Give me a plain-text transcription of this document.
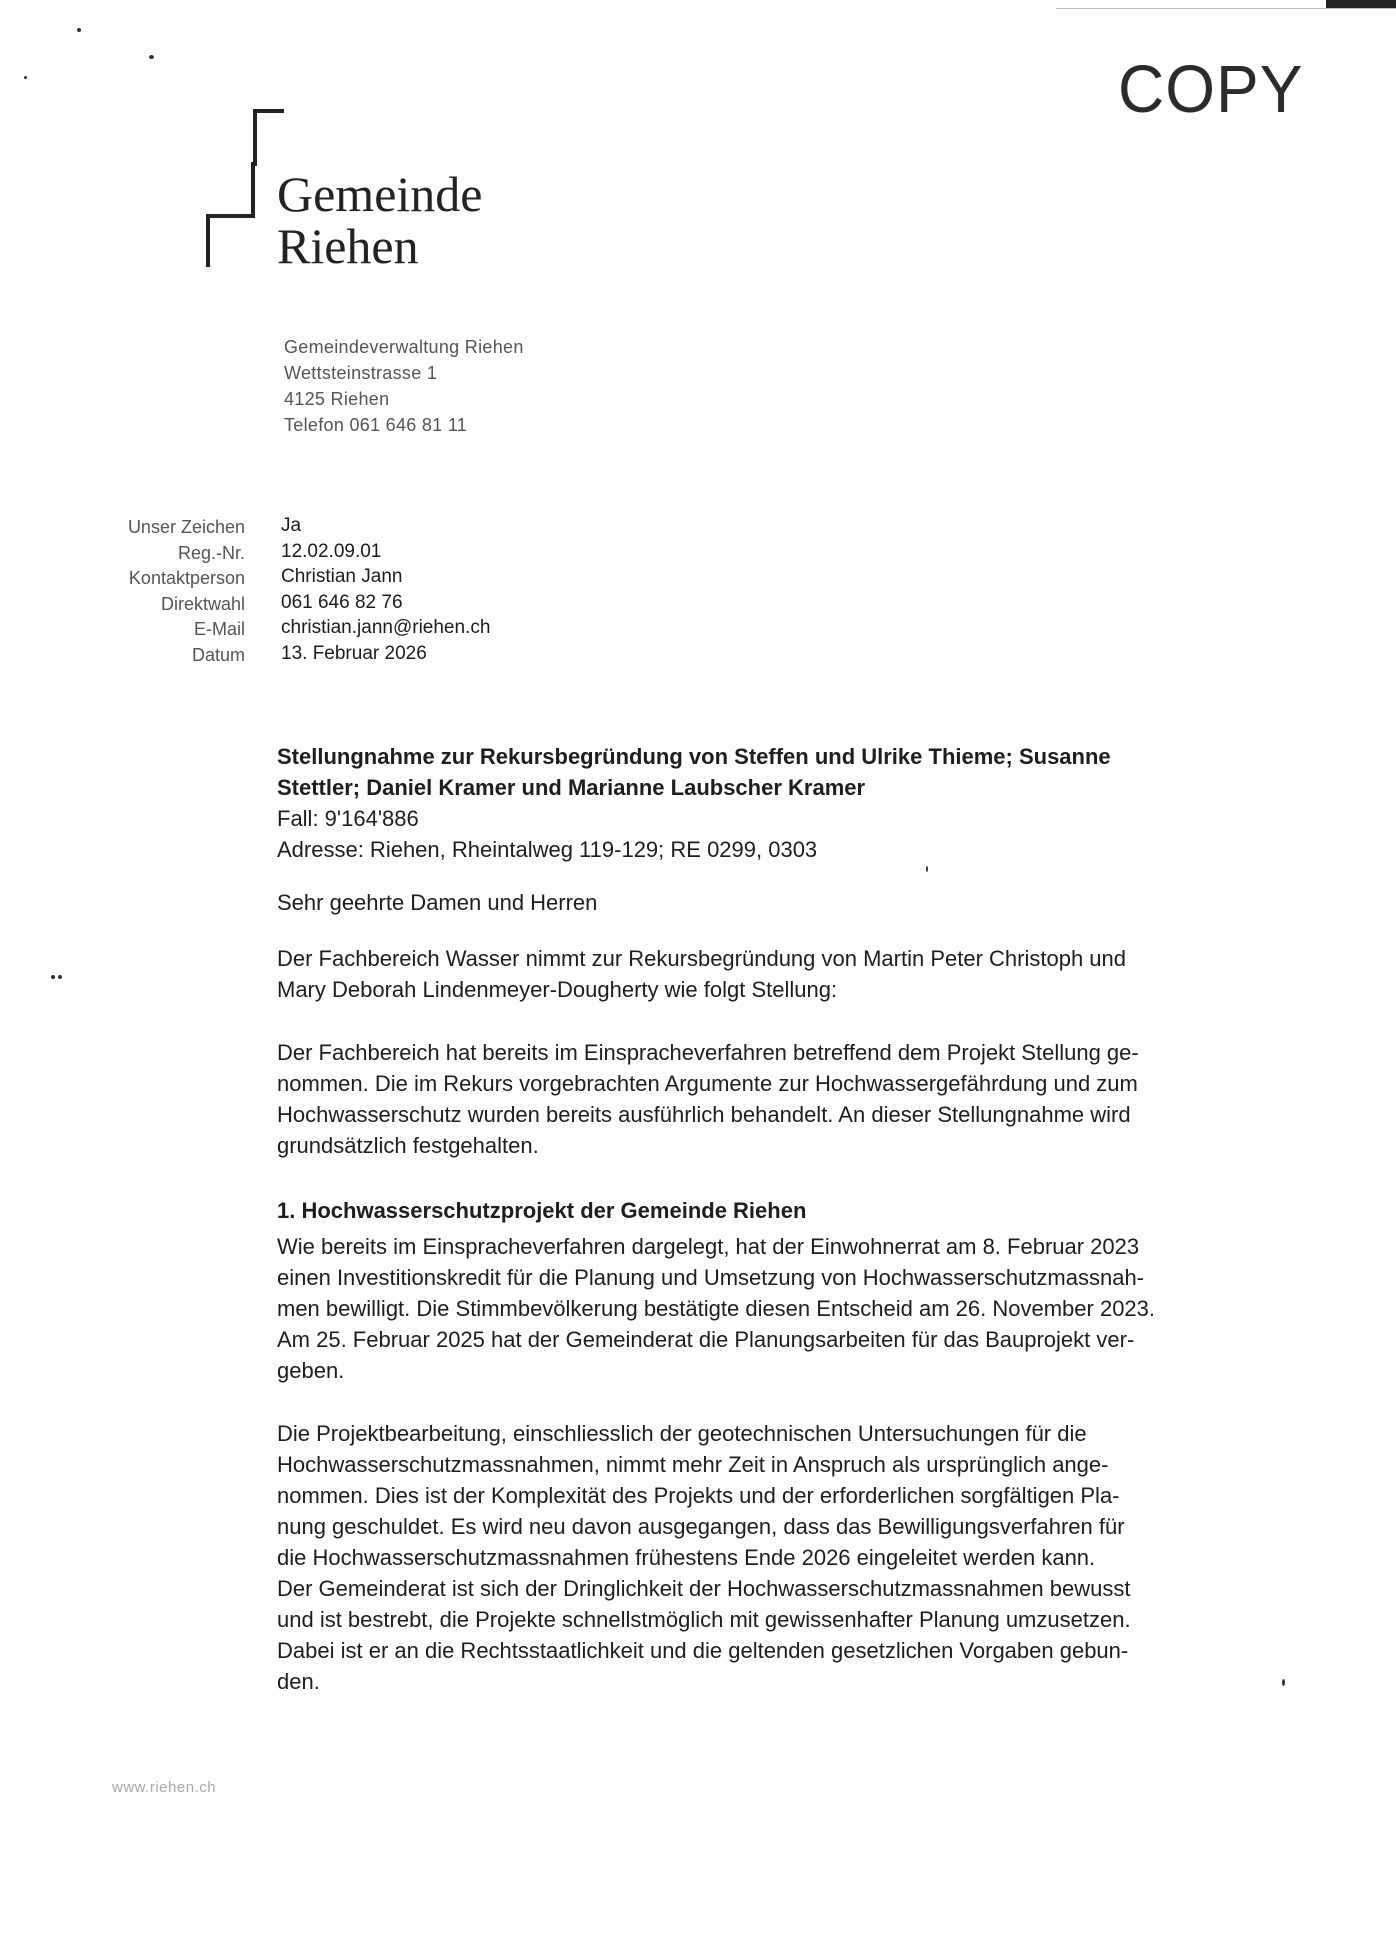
COPY
Gemeinde
Riehen
Gemeindeverwaltung Riehen
Wettsteinstrasse 1
4125 Riehen
Telefon 061 646 81 11
Unser Zeichen
Reg.-Nr.
Kontaktperson
Direktwahl
E-Mail
Datum
Ja
12.02.09.01
Christian Jann
061 646 82 76
christian.jann@riehen.ch
13. Februar 2026

Stellungnahme zur Rekursbegründung von Steffen und Ulrike Thieme; Susanne
Stettler; Daniel Kramer und Marianne Laubscher Kramer

Fall: 9'164'886
Adresse: Riehen, Rheintalweg 119-129; RE 0299, 0303

Sehr geehrte Damen und Herren

Der Fachbereich Wasser nimmt zur Rekursbegründung von Martin Peter Christoph und
Mary Deborah Lindenmeyer-Dougherty wie folgt Stellung:

Der Fachbereich hat bereits im Einspracheverfahren betreffend dem Projekt Stellung ge-
nommen. Die im Rekurs vorgebrachten Argumente zur Hochwassergefährdung und zum
Hochwasserschutz wurden bereits ausführlich behandelt. An dieser Stellungnahme wird
grundsätzlich festgehalten.

1. Hochwasserschutzprojekt der Gemeinde Riehen

Wie bereits im Einspracheverfahren dargelegt, hat der Einwohnerrat am 8. Februar 2023
einen Investitionskredit für die Planung und Umsetzung von Hochwasserschutzmassnah-
men bewilligt. Die Stimmbevölkerung bestätigte diesen Entscheid am 26. November 2023.
Am 25. Februar 2025 hat der Gemeinderat die Planungsarbeiten für das Bauprojekt ver-
geben.

Die Projektbearbeitung, einschliesslich der geotechnischen Untersuchungen für die
Hochwasserschutzmassnahmen, nimmt mehr Zeit in Anspruch als ursprünglich ange-
nommen. Dies ist der Komplexität des Projekts und der erforderlichen sorgfältigen Pla-
nung geschuldet. Es wird neu davon ausgegangen, dass das Bewilligungsverfahren für
die Hochwasserschutzmassnahmen frühestens Ende 2026 eingeleitet werden kann.
Der Gemeinderat ist sich der Dringlichkeit der Hochwasserschutzmassnahmen bewusst
und ist bestrebt, die Projekte schnellstmöglich mit gewissenhafter Planung umzusetzen.
Dabei ist er an die Rechtsstaatlichkeit und die geltenden gesetzlichen Vorgaben gebun-
den.

www.riehen.ch
